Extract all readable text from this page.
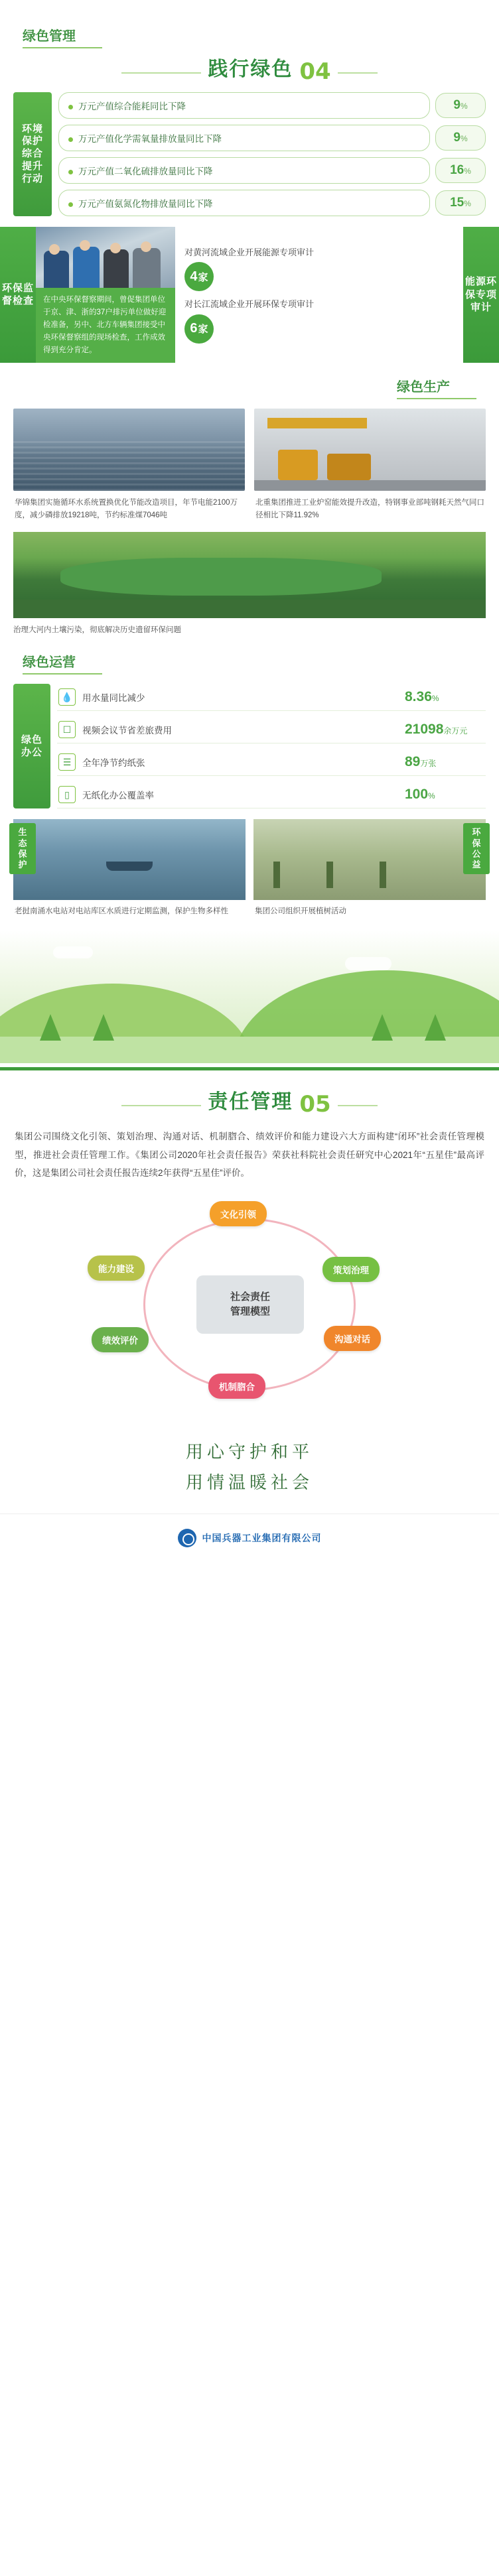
绿色管理
践行绿色 04
环境保护综合提升行动
万元产值综合能耗同比下降	9%
万元产值化学需氧量排放量同比下降	9%
万元产值二氧化硫排放量同比下降	16%
万元产值氨氮化物排放量同比下降	15%
环保监督检查	在中央环保督察期间，曾促集团单位于京、津、浙的37户排污单位做好迎检准备，另中、北方车辆集团接受中央环保督察组的现场检查，工作成效得到充分肯定。
对黄河流域企业开展能源专项审计
4 家
对长江流域企业开展环保专项审计
6 家
能源环保专项审计
绿色生产
华锦集团实施循环水系统置换优化节能改造项目，年节电能2100万度，减少磷排放19218吨，节约标准煤7046吨
北重集团推进工业炉窑能效提升改造，特钢事业部吨钢耗天然气同口径相比下降11.92%
治理大河内土壤污染，彻底解决历史遗留环保问题
绿色运营
绿色办公
💧	用水量同比减少	8.36%
☐	视频会议节省差旅费用	21098余万元
☰	全年净节约纸张	89万张
▯	无纸化办公覆盖率	100%
生态保护
老挝南涌水电站对电站库区水质进行定期监测，保护生物多样性
环保公益
集团公司组织开展植树活动
责任管理 05
集团公司围绕文化引领、策划治理、沟通对话、机制脗合、绩效评价和能力建设六大方面构建“闭环”社会责任管理模型，推进社会责任管理工作。《集团公司2020年社会责任报告》荣获社科院社会责任研究中心2021年“五星佳”最高评价，这是集团公司社会责任报告连续2年获得“五星佳”评价。
社会责任
管理模型
文化引领
策划治理
沟通对话
机制脗合
绩效评价
能力建设
用心守护和平
用情温暖社会
中国兵器工业集团有限公司
